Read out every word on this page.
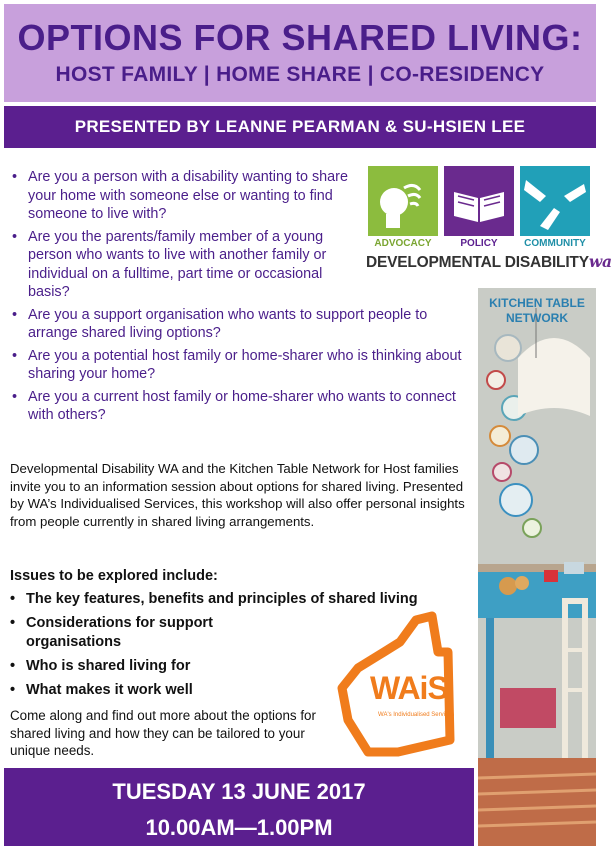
OPTIONS FOR SHARED LIVING:
HOST FAMILY | HOME SHARE | CO-RESIDENCY
PRESENTED BY LEANNE PEARMAN & SU-HSIEN LEE
• Are you a person with a disability wanting to share your home with someone else or wanting to find someone to live with?
• Are you the parents/family member of a young person who wants to live with another family or individual on a fulltime, part time or occasional basis?
• Are you a support organisation who wants to support people to arrange shared living options?
• Are you a potential host family or home-sharer who is thinking about sharing your home?
• Are you a current host family or home-sharer who wants to connect with others?

Developmental Disability WA and the Kitchen Table Network for Host families invite you to an information session about options for shared living. Presented by WA’s Individualised Services, this workshop will also offer personal insights from people currently in shared living arrangements.

Issues to be explored include:
• The key features, benefits and principles of shared living
• Considerations for support organisations
• Who is shared living for
• What makes it work well

Come along and find out more about the options for shared living and how they can be tailored to your unique needs.

TUESDAY 13 JUNE 2017
10.00AM—1.00PM
ADVOCACY	POLICY	COMMUNITY
DEVELOPMENTAL DISABILITYwa
KITCHEN TABLE NETWORK
WAiS
WA's Individualised Services
